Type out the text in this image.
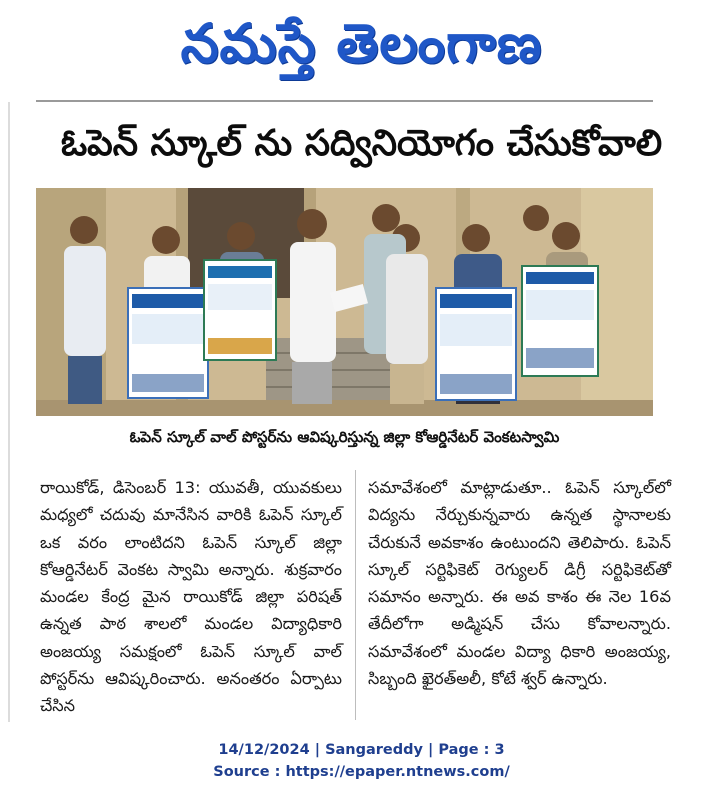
నమస్తే తెలంగాణ
ఓపెన్ స్కూల్ ను సద్వినియోగం చేసుకోవాలి
ఓపెన్ స్కూల్ వాల్ పోస్టర్‌ను ఆవిష్కరిస్తున్న జిల్లా కోఆర్డినేటర్ వెంకటస్వామి

రాయికోడ్, డిసెంబర్ 13: యువతీ, యువకులు మధ్యలో చదువు మానేసిన వారికి ఓపెన్ స్కూల్ ఒక వరం లాంటిదని ఓపెన్ స్కూల్ జిల్లా కోఆర్డినేటర్ వెంకట స్వామి అన్నారు. శుక్రవారం మండల కేంద్ర మైన రాయికోడ్ జిల్లా పరిషత్ ఉన్నత పాఠ శాలలో మండల విద్యాధికారి అంజయ్య సమక్షంలో ఓపెన్ స్కూల్ వాల్ పోస్టర్‌ను ఆవిష్కరించారు. అనంతరం ఏర్పాటు చేసిన

సమావేశంలో మాట్లాడుతూ.. ఓపెన్ స్కూల్‌లో విద్యను నేర్చుకున్నవారు ఉన్నత స్థానాలకు చేరుకునే అవకాశం ఉంటుందని తెలిపారు. ఓపెన్ స్కూల్ సర్టిఫికెట్ రెగ్యులర్ డిగ్రీ సర్టిఫికెట్‌తో సమానం అన్నారు. ఈ అవ కాశం ఈ నెల 16వ తేదీలోగా అడ్మిషన్ చేసు కోవాలన్నారు. సమావేశంలో మండల విద్యా ధికారి అంజయ్య, సిబ్బంది ఖైరత్‌అలీ, కోటే శ్వర్ ఉన్నారు.

14/12/2024 | Sangareddy | Page : 3
Source : https://epaper.ntnews.com/
